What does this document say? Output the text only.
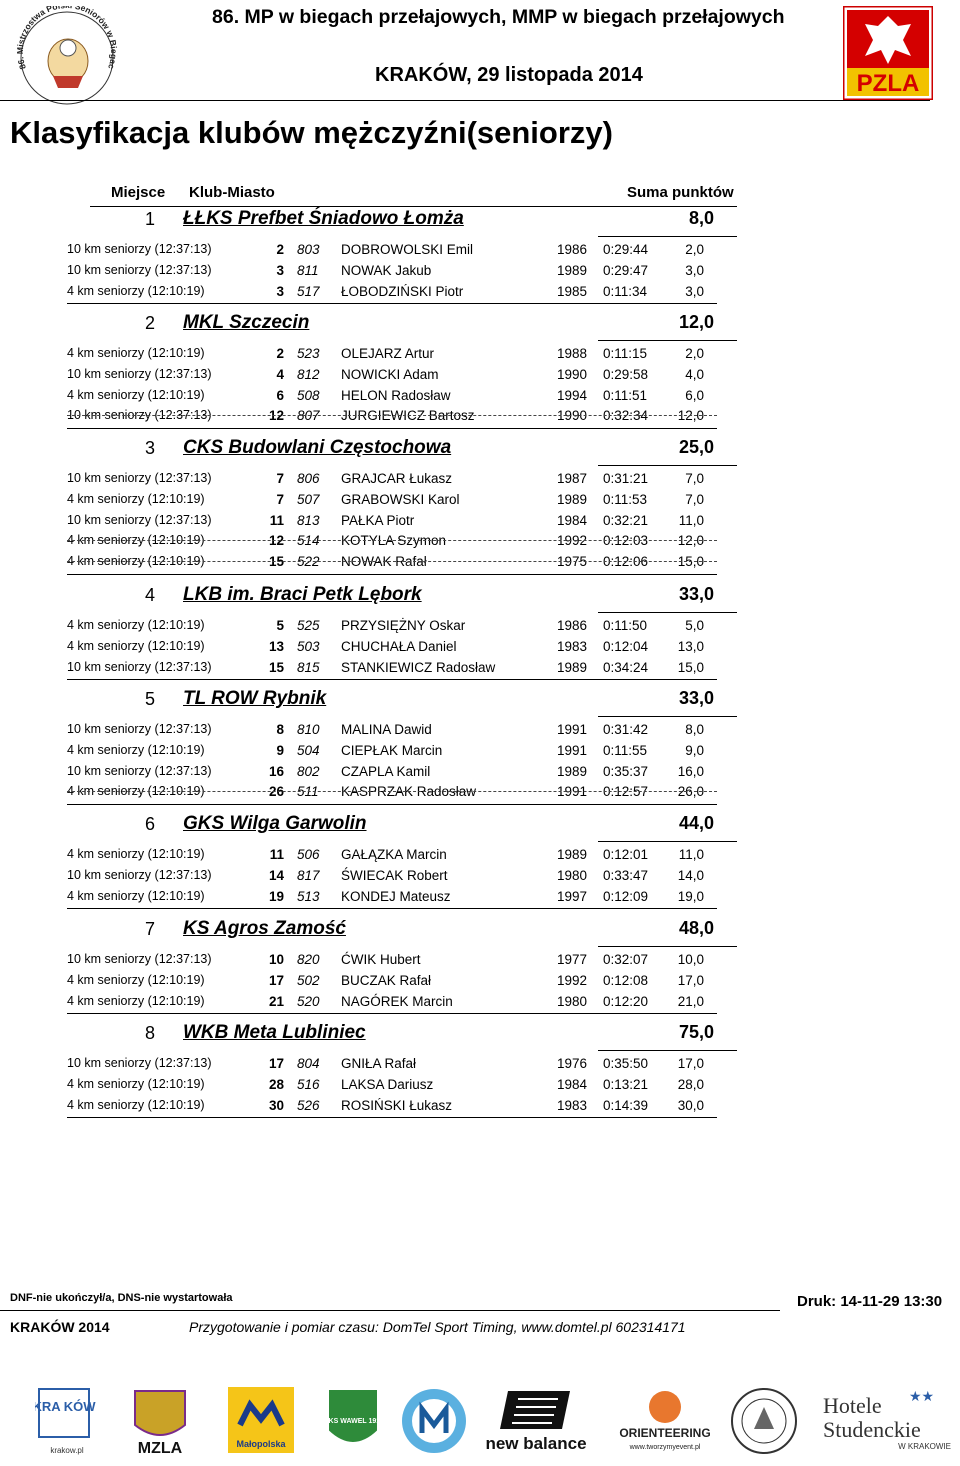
86. Mistrzostwa Po Seniorów w Biegac
86. MP w biegach przełajowych, MMP w biegach przełajowych
KRAKÓW, 29 listopada 2014	PZLA
Klasyfikacja klubów mężczyźni(seniorzy)
Miejsce Klub-Miasto	Suma punktów
1 ŁŁKS Prefbet Śniadowo Łomża	8,0
10 km seniorzy (12:37:13)	2 803 DOBROWOLSKI Emil	1986 0:29:44	2,0
10 km seniorzy (12:37:13)	3 811 NOWAK Jakub	1989 0:29:47	3,0
4 km seniorzy (12:10:19)	3 517 ŁOBODZIŃSKI Piotr	1985 0:11:34	3,0
2 MKL Szczecin	12,0
4 km seniorzy (12:10:19)	2 523 OLEJARZ Artur	1988 0:11:15	2,0
10 km seniorzy (12:37:13)	4 812 NOWICKI Adam	1990 0:29:58	4,0
4 km seniorzy (12:10:19)	6 508 HELON Radosław	1994 0:11:51	6,0
10 km seniorzy (12:37:13)	12 807 JURGIEWICZ Bartosz	1990 0:32:34	12,0
3 CKS Budowlani Częstochowa	25,0
10 km seniorzy (12:37:13)	7 806 GRAJCAR Łukasz	1987 0:31:21	7,0
4 km seniorzy (12:10:19)	7 507 GRABOWSKI Karol	1989 0:11:53	7,0
10 km seniorzy (12:37:13)	11 813 PAŁKA Piotr	1984 0:32:21	11,0
4 km seniorzy (12:10:19)	12 514 KOTYLA Szymon	1992 0:12:03	12,0
4 km seniorzy (12:10:19)	15 522 NOWAK Rafał	1975 0:12:06	15,0
4 LKB im. Braci Petk Lębork	33,0
4 km seniorzy (12:10:19)	5 525 PRZYSIĘŻNY Oskar	1986 0:11:50	5,0
4 km seniorzy (12:10:19)	13 503 CHUCHAŁA Daniel	1983 0:12:04	13,0
10 km seniorzy (12:37:13)	15 815 STANKIEWICZ Radosław	1989 0:34:24	15,0
5 TL ROW Rybnik	33,0
10 km seniorzy (12:37:13)	8 810 MALINA Dawid	1991 0:31:42	8,0
4 km seniorzy (12:10:19)	9 504 CIEPŁAK Marcin	1991 0:11:55	9,0
10 km seniorzy (12:37:13)	16 802 CZAPLA Kamil	1989 0:35:37	16,0
4 km seniorzy (12:10:19)	26 511 KASPRZAK Radosław	1991 0:12:57	26,0
6 GKS Wilga Garwolin	44,0
4 km seniorzy (12:10:19)	11 506 GAŁĄZKA Marcin	1989 0:12:01	11,0
10 km seniorzy (12:37:13)	14 817 ŚWIECAK Robert	1980 0:33:47	14,0
4 km seniorzy (12:10:19)	19 513 KONDEJ Mateusz	1997 0:12:09	19,0
7 KS Agros Zamość	48,0
10 km seniorzy (12:37:13)	10 820 ĆWIK Hubert	1977 0:32:07	10,0
4 km seniorzy (12:10:19)	17 502 BUCZAK Rafał	1992 0:12:08	17,0
4 km seniorzy (12:10:19)	21 520 NAGÓREK Marcin	1980 0:12:20	21,0
8 WKB Meta Lubliniec	75,0
10 km seniorzy (12:37:13)	17 804 GNIŁA Rafał	1976 0:35:50	17,0
4 km seniorzy (12:10:19)	28 516 LAKSA Dariusz	1984 0:13:21	28,0
4 km seniorzy (12:10:19)	30 526 ROSIŃSKI Łukasz	1983 0:14:39	30,0
DNF-nie ukończył/a, DNS-nie wystartowała	Druk: 14-11-29 13:30
KRAKÓW 2014	Przygotowanie i pomiar czasu: DomTel Sport Timing, www.domtel.pl 602314171
KRA KÓW
krakow.pl	MZLA	Małopolska
WKS WAWEL 1919
new balance
ORIENTEERING
www.tworzymyevent.pl
Hotele ★★
Studenckie
W KRAKOWIE
